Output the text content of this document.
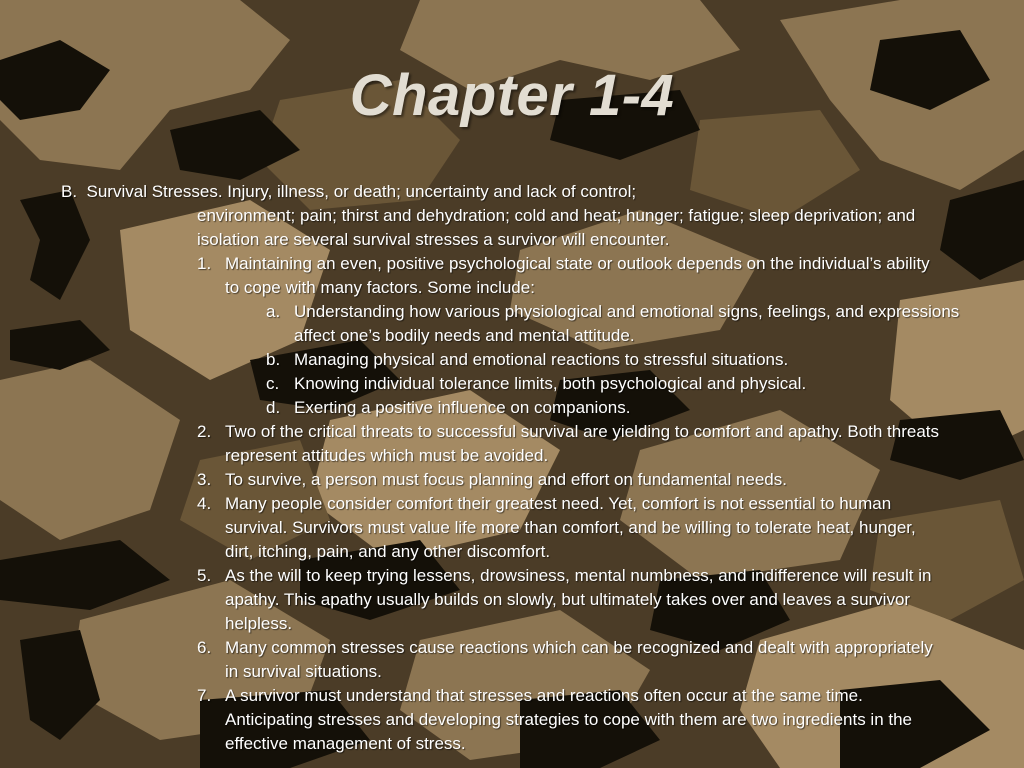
Chapter 1-4

B. Survival Stresses. Injury, illness, or death; uncertainty and lack of control;

environment; pain; thirst and dehydration; cold and heat; hunger; fatigue; sleep deprivation; and isolation are several survival stresses a survivor will encounter.

1. Maintaining an even, positive psychological state or outlook depends on the individual’s ability to cope with many factors. Some include:
a. Understanding how various physiological and emotional signs, feelings, and expressions affect one’s bodily needs and mental attitude.
b. Managing physical and emotional reactions to stressful situations.
c. Knowing individual tolerance limits, both psychological and physical.
d. Exerting a positive influence on companions.
2. Two of the critical threats to successful survival are yielding to comfort and apathy. Both threats represent attitudes which must be avoided.
3. To survive, a person must focus planning and effort on fundamental needs.
4. Many people consider comfort their greatest need. Yet, comfort is not essential to human survival. Survivors must value life more than comfort, and be willing to tolerate heat, hunger, dirt, itching, pain, and any other discomfort.
5. As the will to keep trying lessens, drowsiness, mental numbness, and indifference will result in apathy. This apathy usually builds on slowly, but ultimately takes over and leaves a survivor helpless.
6. Many common stresses cause reactions which can be recognized and dealt with appropriately in survival situations.
7. A survivor must understand that stresses and reactions often occur at the same time. Anticipating stresses and developing strategies to cope with them are two ingredients in the effective management of stress.
